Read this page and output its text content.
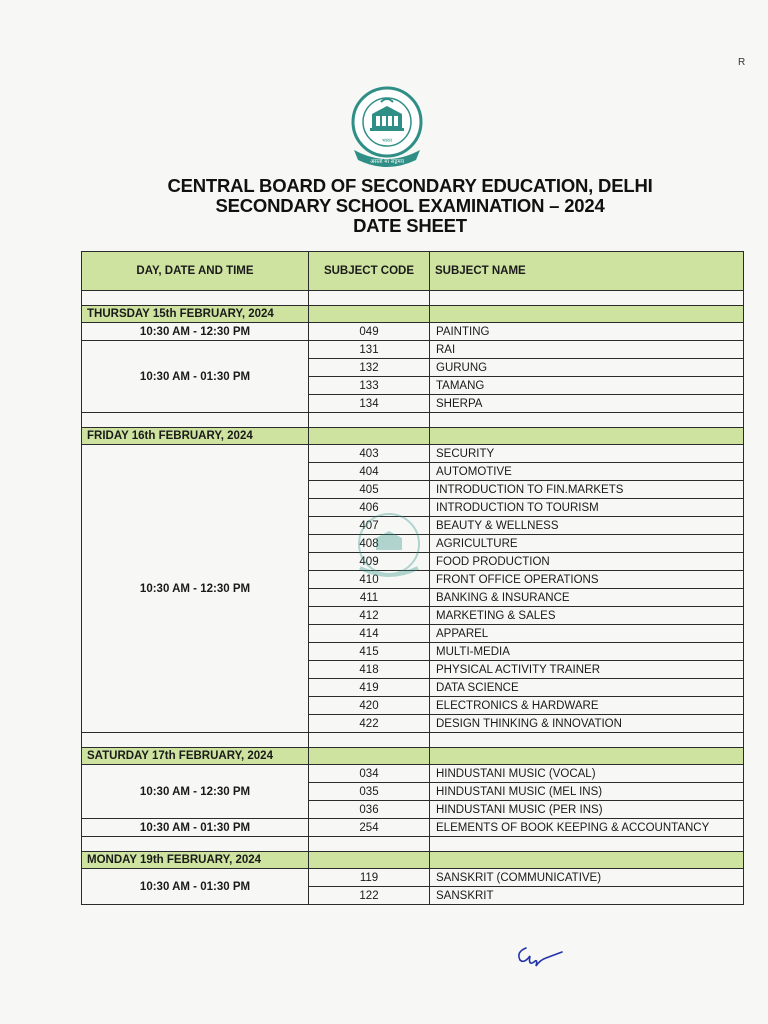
R
भारत
असतो मा सद्गमय
CENTRAL BOARD OF SECONDARY EDUCATION, DELHI
SECONDARY SCHOOL EXAMINATION – 2024
DATE SHEET
DAY, DATE AND TIME	SUBJECT CODE	SUBJECT NAME

THURSDAY 15th FEBRUARY, 2024		
10:30 AM - 12:30 PM	049	PAINTING
10:30 AM - 01:30 PM	131	RAI
	132	GURUNG
	133	TAMANG
	134	SHERPA

FRIDAY 16th FEBRUARY, 2024		
10:30 AM - 12:30 PM	403	SECURITY
	404	AUTOMOTIVE
	405	INTRODUCTION TO FIN.MARKETS
	406	INTRODUCTION TO TOURISM
	407	BEAUTY & WELLNESS
	408	AGRICULTURE
	409	FOOD PRODUCTION
	410	FRONT OFFICE OPERATIONS
	411	BANKING & INSURANCE
	412	MARKETING & SALES
	414	APPAREL
	415	MULTI-MEDIA
	418	PHYSICAL ACTIVITY TRAINER
	419	DATA SCIENCE
	420	ELECTRONICS & HARDWARE
	422	DESIGN THINKING & INNOVATION

SATURDAY 17th FEBRUARY, 2024		
10:30 AM - 12:30 PM	034	HINDUSTANI MUSIC (VOCAL)
	035	HINDUSTANI MUSIC (MEL INS)
	036	HINDUSTANI MUSIC (PER INS)
10:30 AM - 01:30 PM	254	ELEMENTS OF BOOK KEEPING & ACCOUNTANCY

MONDAY 19th FEBRUARY, 2024		
10:30 AM - 01:30 PM	119	SANSKRIT (COMMUNICATIVE)
	122	SANSKRIT
